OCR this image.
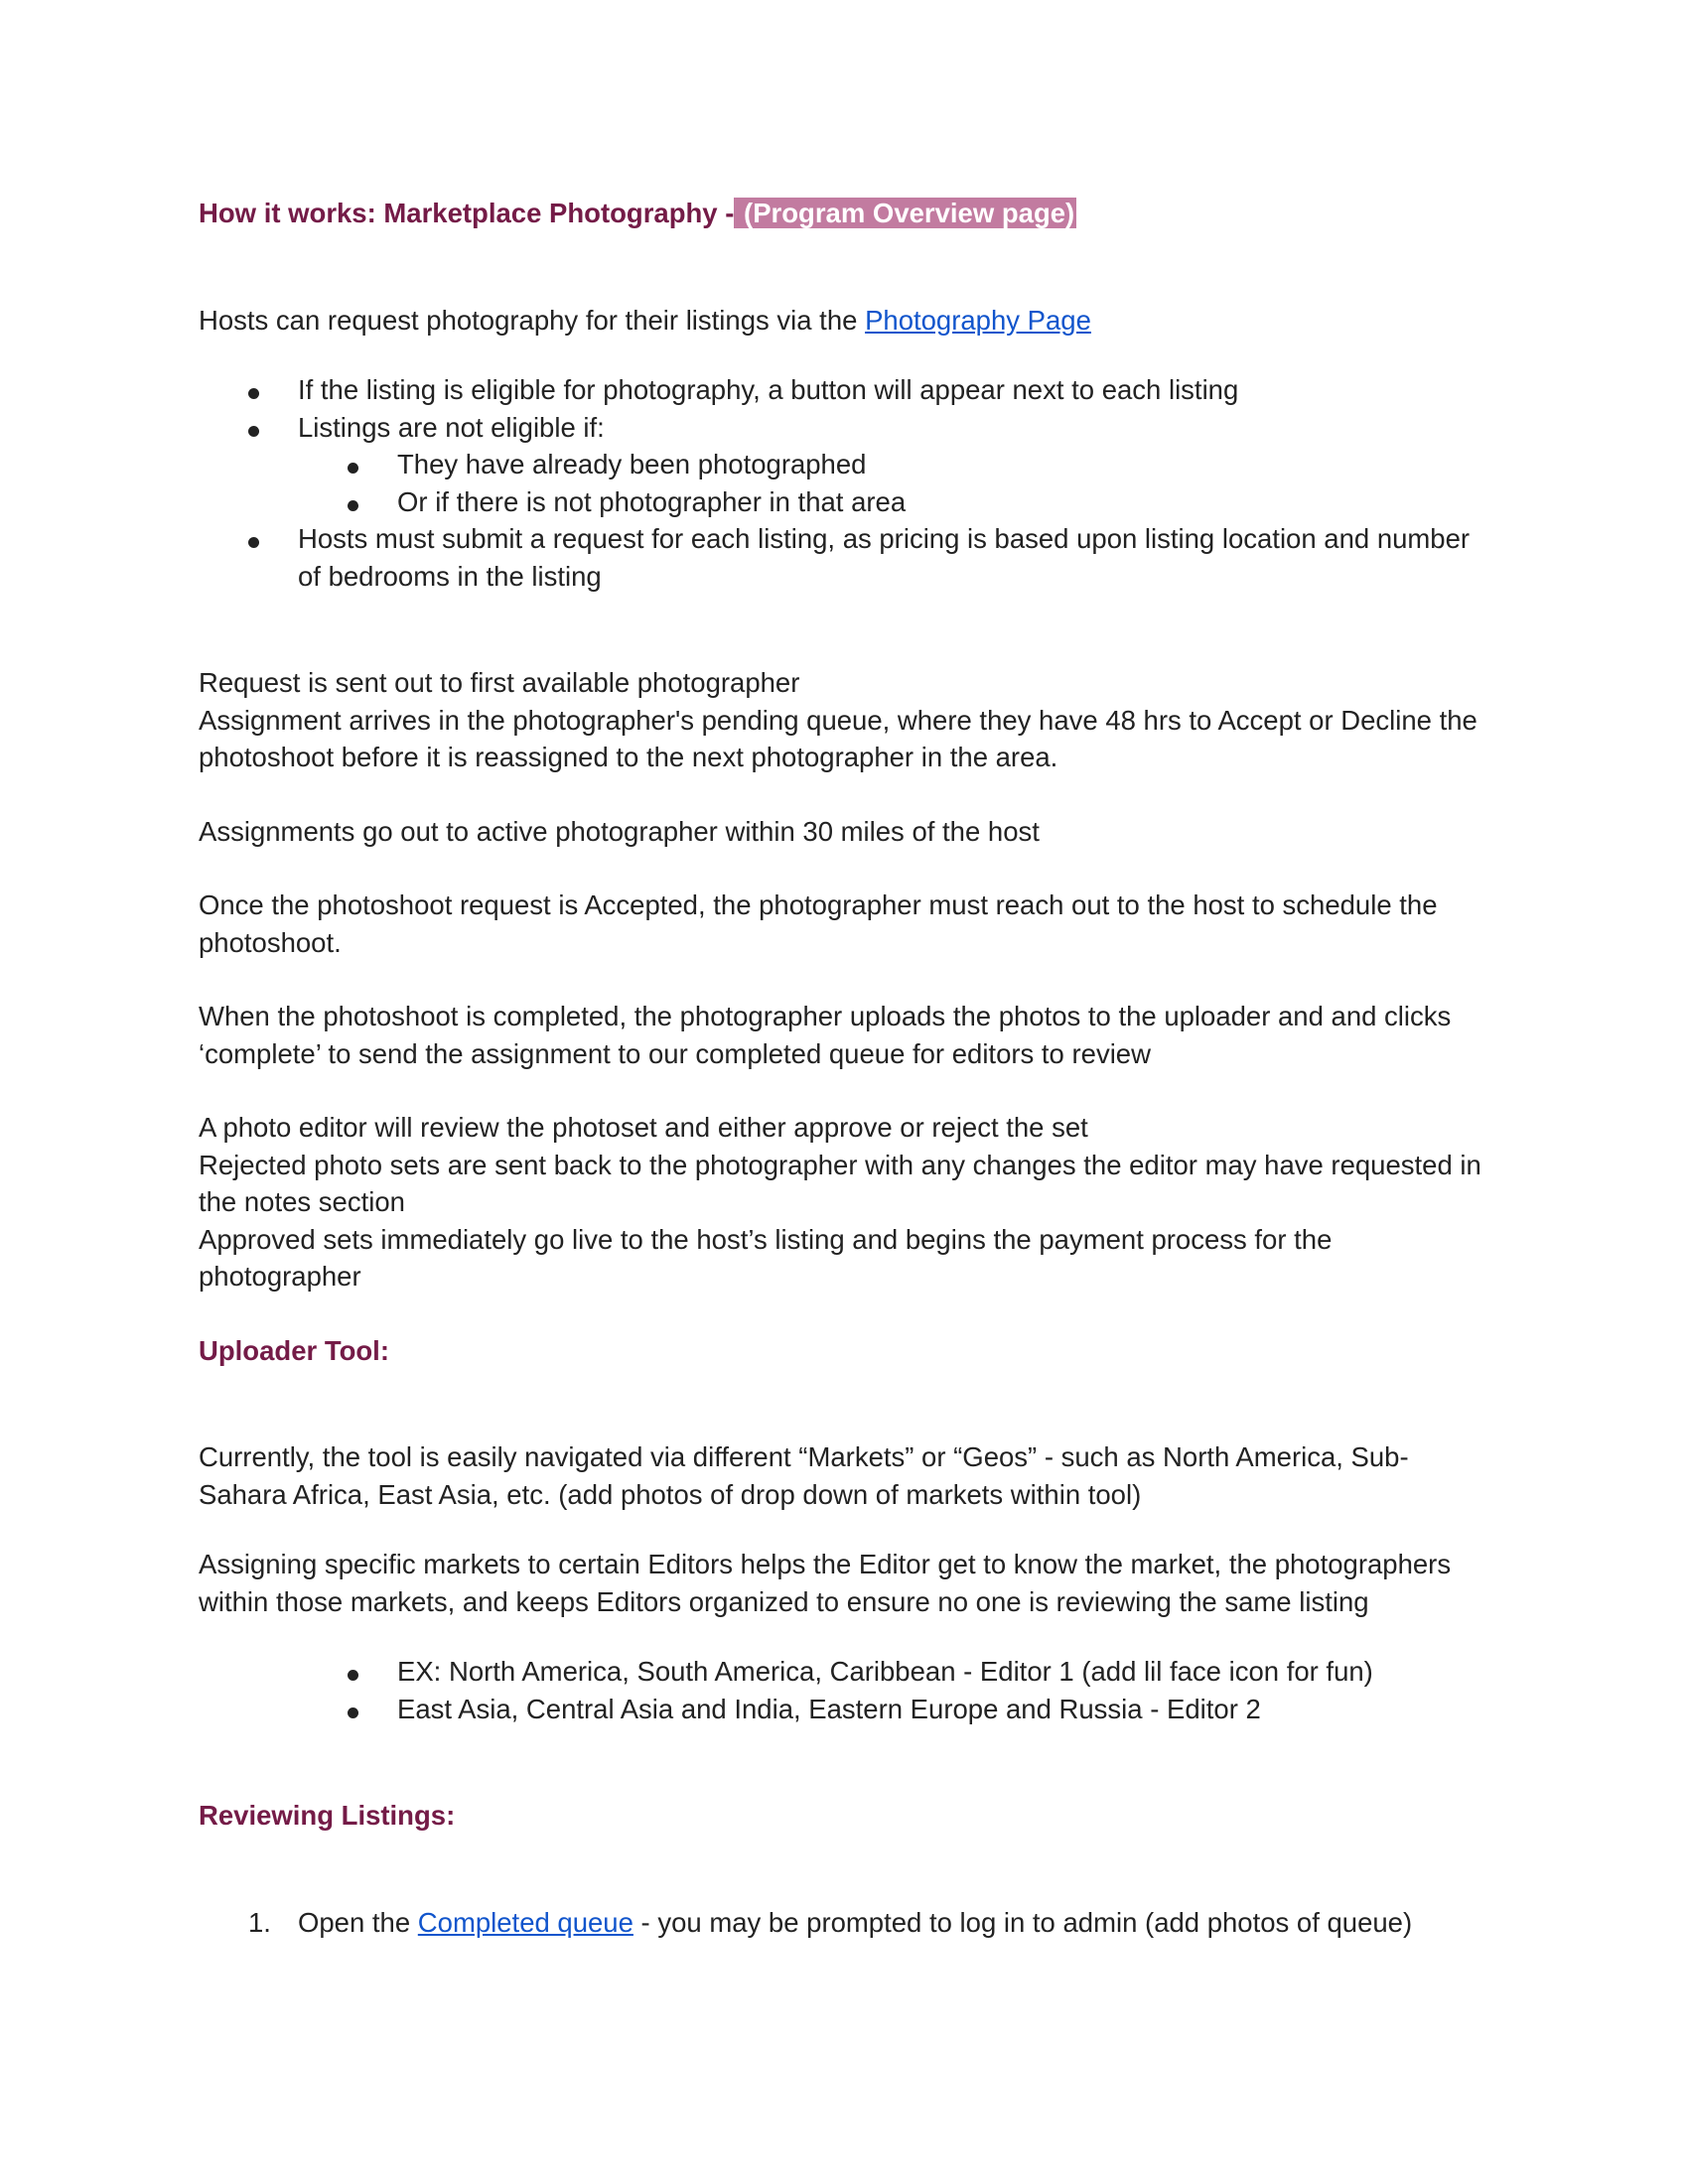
How it works: Marketplace Photography - (Program Overview page)

Hosts can request photography for their listings via the Photography Page

If the listing is eligible for photography, a button will appear next to each listing
Listings are not eligible if:
They have already been photographed
Or if there is not photographer in that area
Hosts must submit a request for each listing, as pricing is based upon listing location and number of bedrooms in the listing

Request is sent out to first available photographer

Assignment arrives in the photographer's pending queue, where they have 48 hrs to Accept or Decline the photoshoot before it is reassigned to the next photographer in the area.

Assignments go out to active photographer within 30 miles of the host

Once the photoshoot request is Accepted, the photographer must reach out to the host to schedule the photoshoot.

When the photoshoot is completed, the photographer uploads the photos to the uploader and and clicks ‘complete’ to send the assignment to our completed queue for editors to review

A photo editor will review the photoset and either approve or reject the set

Rejected photo sets are sent back to the photographer with any changes the editor may have requested in the notes section

Approved sets immediately go live to the host’s listing and begins the payment process for the photographer

Uploader Tool:

Currently, the tool is easily navigated via different “Markets” or “Geos” - such as North America, Sub-Sahara Africa, East Asia, etc. (add photos of drop down of markets within tool)

Assigning specific markets to certain Editors helps the Editor get to know the market, the photographers within those markets, and keeps Editors organized to ensure no one is reviewing the same listing

EX: North America, South America, Caribbean - Editor 1 (add lil face icon for fun)
East Asia, Central Asia and India, Eastern Europe and Russia - Editor 2

Reviewing Listings:

1. Open the Completed queue - you may be prompted to log in to admin (add photos of queue)
